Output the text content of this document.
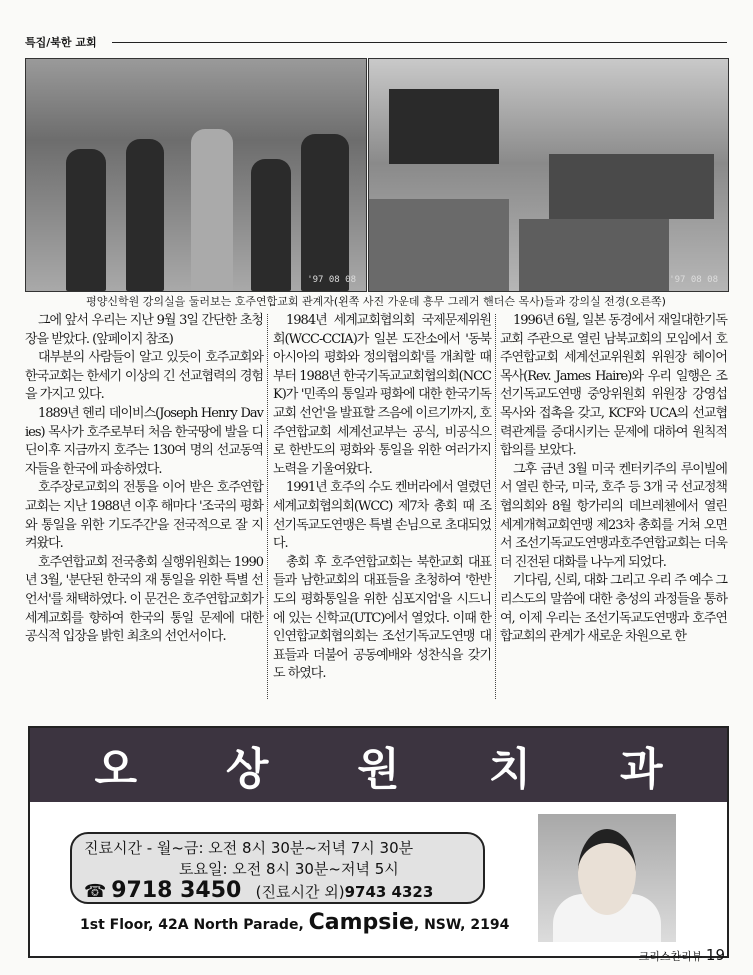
특집/북한 교회
'97 08 08	'97 08 08
평양신학원 강의실을 둘러보는 호주연합교회 관계자(왼쪽 사진 가운데 흥무 그레거 핸더슨 목사)들과 강의실 전경(오른쪽)

그에 앞서 우리는 지난 9월 3일 간단한 초청장을 받았다. (앞페이지 참조)

대부분의 사람들이 알고 있듯이 호주교회와 한국교회는 한세기 이상의 긴 선교협력의 경험을 가지고 있다.

1889년 헨리 데이비스(Joseph Henry Davies) 목사가 호주로부터 처음 한국땅에 발을 디딘이후 지금까지 호주는 130여 명의 선교동역자들을 한국에 파송하였다.

호주장로교회의 전통을 이어 받은 호주연합교회는 지난 1988년 이후 해마다 '조국의 평화와 통일을 위한 기도주간'을 전국적으로 잘 지켜왔다.

호주연합교회 전국총회 실행위원회는 1990년 3월, '분단된 한국의 재 통일을 위한 특별 선언서'를 채택하였다. 이 문건은 호주연합교회가 세계교회를 향하여 한국의 통일 문제에 대한 공식적 입장을 밝힌 최초의 선언서이다.

1984년 세계교회협의회 국제문제위원회(WCC-CCIA)가 일본 도잔소에서 '동북아시아의 평화와 정의협의회'를 개최할 때부터 1988년 한국기독교교회협의회(NCCK)가 '민족의 통일과 평화에 대한 한국기독교회 선언'을 발표할 즈음에 이르기까지, 호주연합교회 세계선교부는 공식, 비공식으로 한반도의 평화와 통일을 위한 여러가지 노력을 기울여왔다.

1991년 호주의 수도 켄버라에서 열렸던 세계교회협의회(WCC) 제7차 총회 때 조선기독교도연맹은 특별 손님으로 초대되었다.

총회 후 호주연합교회는 북한교회 대표들과 남한교회의 대표들을 초청하여 '한반도의 평화통일을 위한 심포지엄'을 시드니에 있는 신학교(UTC)에서 열었다. 이때 한인연합교회협의회는 조선기독교도연맹 대표들과 더불어 공동예배와 성찬식을 갖기도 하였다.

1996년 6월, 일본 동경에서 재일대한기독교회 주관으로 열린 남북교회의 모임에서 호주연합교회 세계선교위원회 위원장 헤이어 목사(Rev. James Haire)와 우리 일행은 조선기독교도연맹 중앙위원회 위원장 강영섭 목사와 접촉을 갖고, KCF와 UCA의 선교협력관계를 증대시키는 문제에 대하여 원칙적 합의를 보았다.

그후 금년 3월 미국 켄터키주의 루이빌에서 열린 한국, 미국, 호주 등 3개 국 선교정책협의회와 8월 항가리의 데브레첸에서 열린 세계개혁교회연맹 제23차 총회를 거쳐 오면서 조선기독교도연맹과호주연합교회는 더욱 더 진전된 대화를 나누게 되었다.

기다림, 신뢰, 대화 그리고 우리 주 예수 그리스도의 말씀에 대한 충성의 과정들을 통하여, 이제 우리는 조선기독교도연맹과 호주연합교회의 관계가 새로운 차원으로 한

오 상 원 치 과
진료시간 - 월~금: 오전 8시 30분~저녁 7시 30분
토요일: 오전 8시 30분~저녁 5시
☎ 9718 3450 (진료시간 외)9743 4323
1st Floor, 42A North Parade, Campsie, NSW, 2194
크리스찬리뷰 19
